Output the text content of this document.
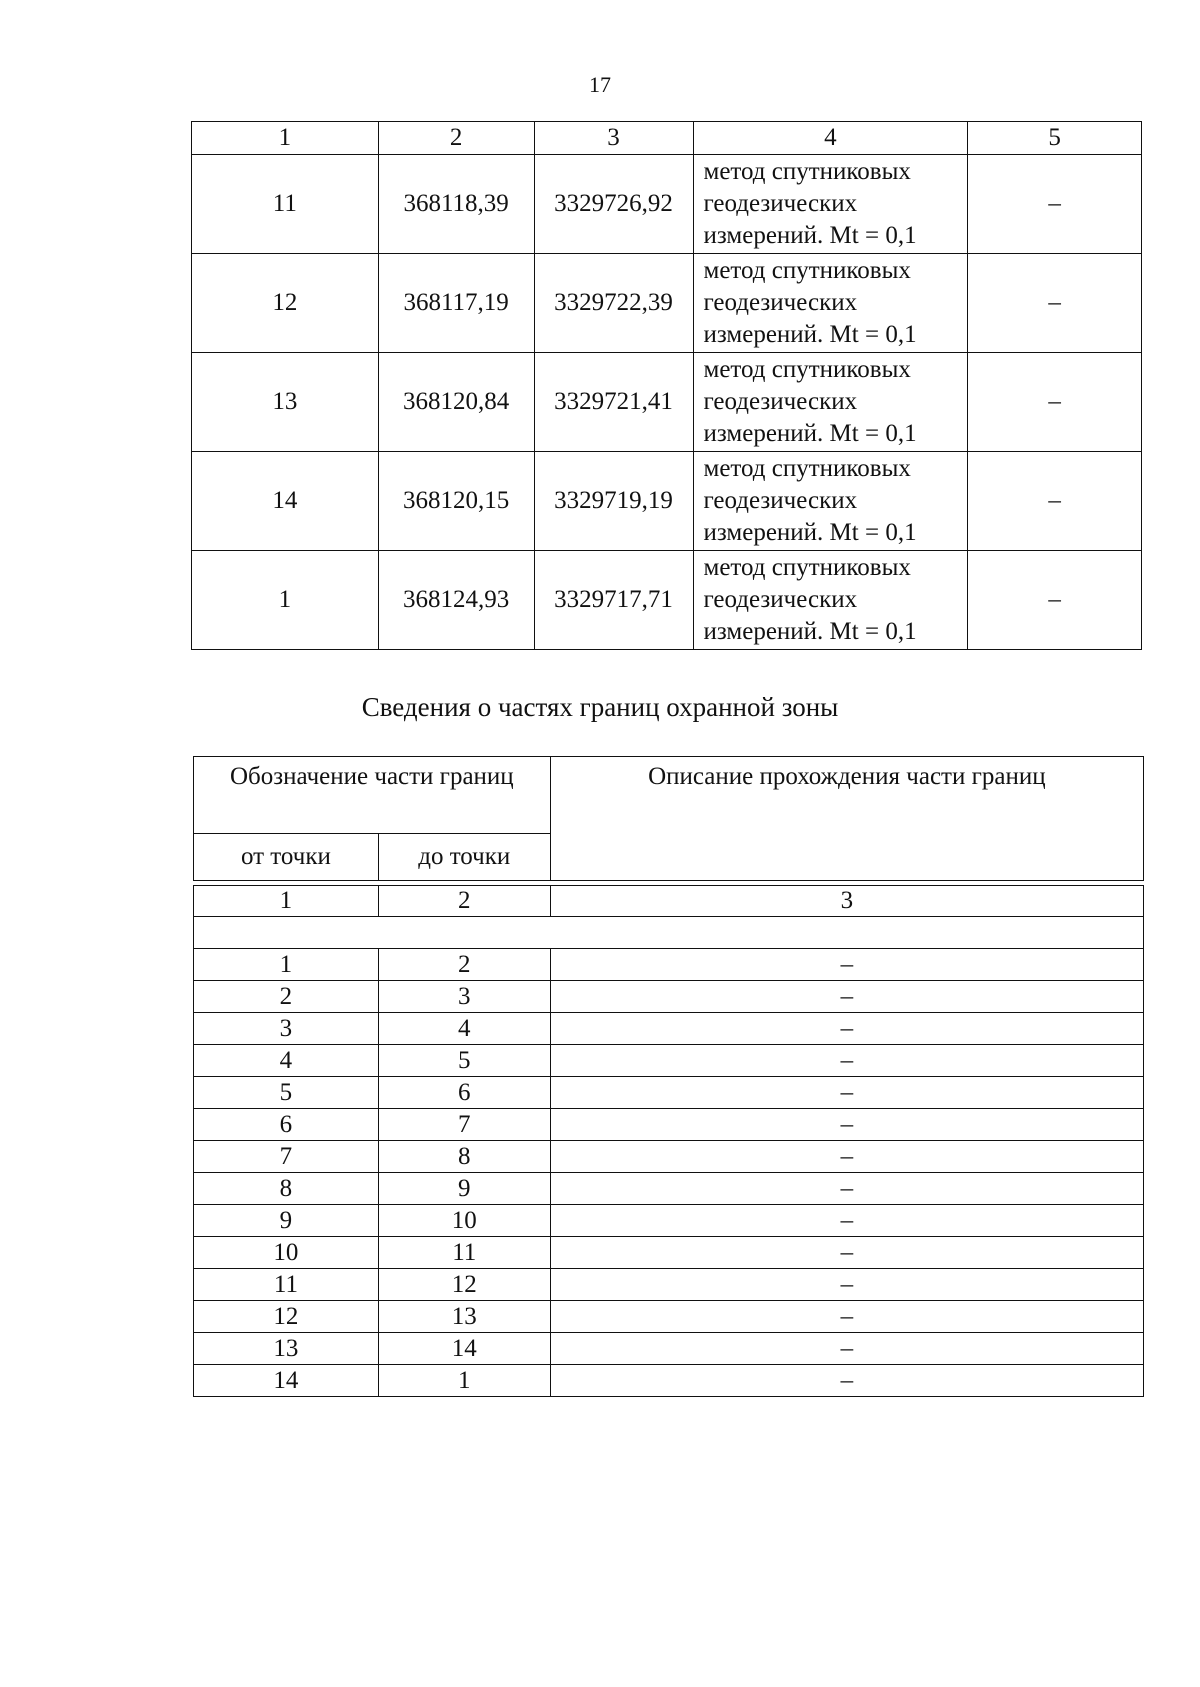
17
1	2	3	4	5
11	368118,39	3329726,92	метод спутниковых
геодезических
измерений. Mt = 0,1	–
12	368117,19	3329722,39	метод спутниковых
геодезических
измерений. Mt = 0,1	–
13	368120,84	3329721,41	метод спутниковых
геодезических
измерений. Mt = 0,1	–
14	368120,15	3329719,19	метод спутниковых
геодезических
измерений. Mt = 0,1	–
1	368124,93	3329717,71	метод спутниковых
геодезических
измерений. Mt = 0,1	–
Сведения о частях границ охранной зоны
Обозначение части границ		Описание прохождения части границ
от точки	до точки	

1	2	3

1	2	–
2	3	–
3	4	–
4	5	–
5	6	–
6	7	–
7	8	–
8	9	–
9	10	–
10	11	–
11	12	–
12	13	–
13	14	–
14	1	–
